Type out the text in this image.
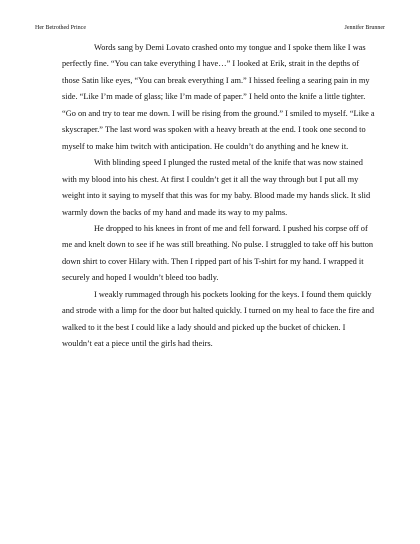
Her Betrothed Prince	Jennifer Brunner

Words sang by Demi Lovato crashed onto my tongue and I spoke them like I was perfectly fine. “You can take everything I have…” I looked at Erik, strait in the depths of those Satin like eyes, “You can break everything I am.” I hissed feeling a searing pain in my side. “Like I’m made of glass; like I’m made of paper.” I held onto the knife a little tighter. “Go on and try to tear me down. I will be rising from the ground.” I smiled to myself. “Like a skyscraper.” The last word was spoken with a heavy breath at the end. I took one second to myself to make him twitch with anticipation. He couldn’t do anything and he knew it.

With blinding speed I plunged the rusted metal of the knife that was now stained with my blood into his chest. At first I couldn’t get it all the way through but I put all my weight into it saying to myself that this was for my baby. Blood made my hands slick. It slid warmly down the backs of my hand and made its way to my palms.

He dropped to his knees in front of me and fell forward. I pushed his corpse off of me and knelt down to see if he was still breathing. No pulse. I struggled to take off his button down shirt to cover Hilary with. Then I ripped part of his T-shirt for my hand. I wrapped it securely and hoped I wouldn’t bleed too badly.

I weakly rummaged through his pockets looking for the keys. I found them quickly and strode with a limp for the door but halted quickly. I turned on my heal to face the fire and walked to it the best I could like a lady should and picked up the bucket of chicken. I wouldn’t eat a piece until the girls had theirs.
